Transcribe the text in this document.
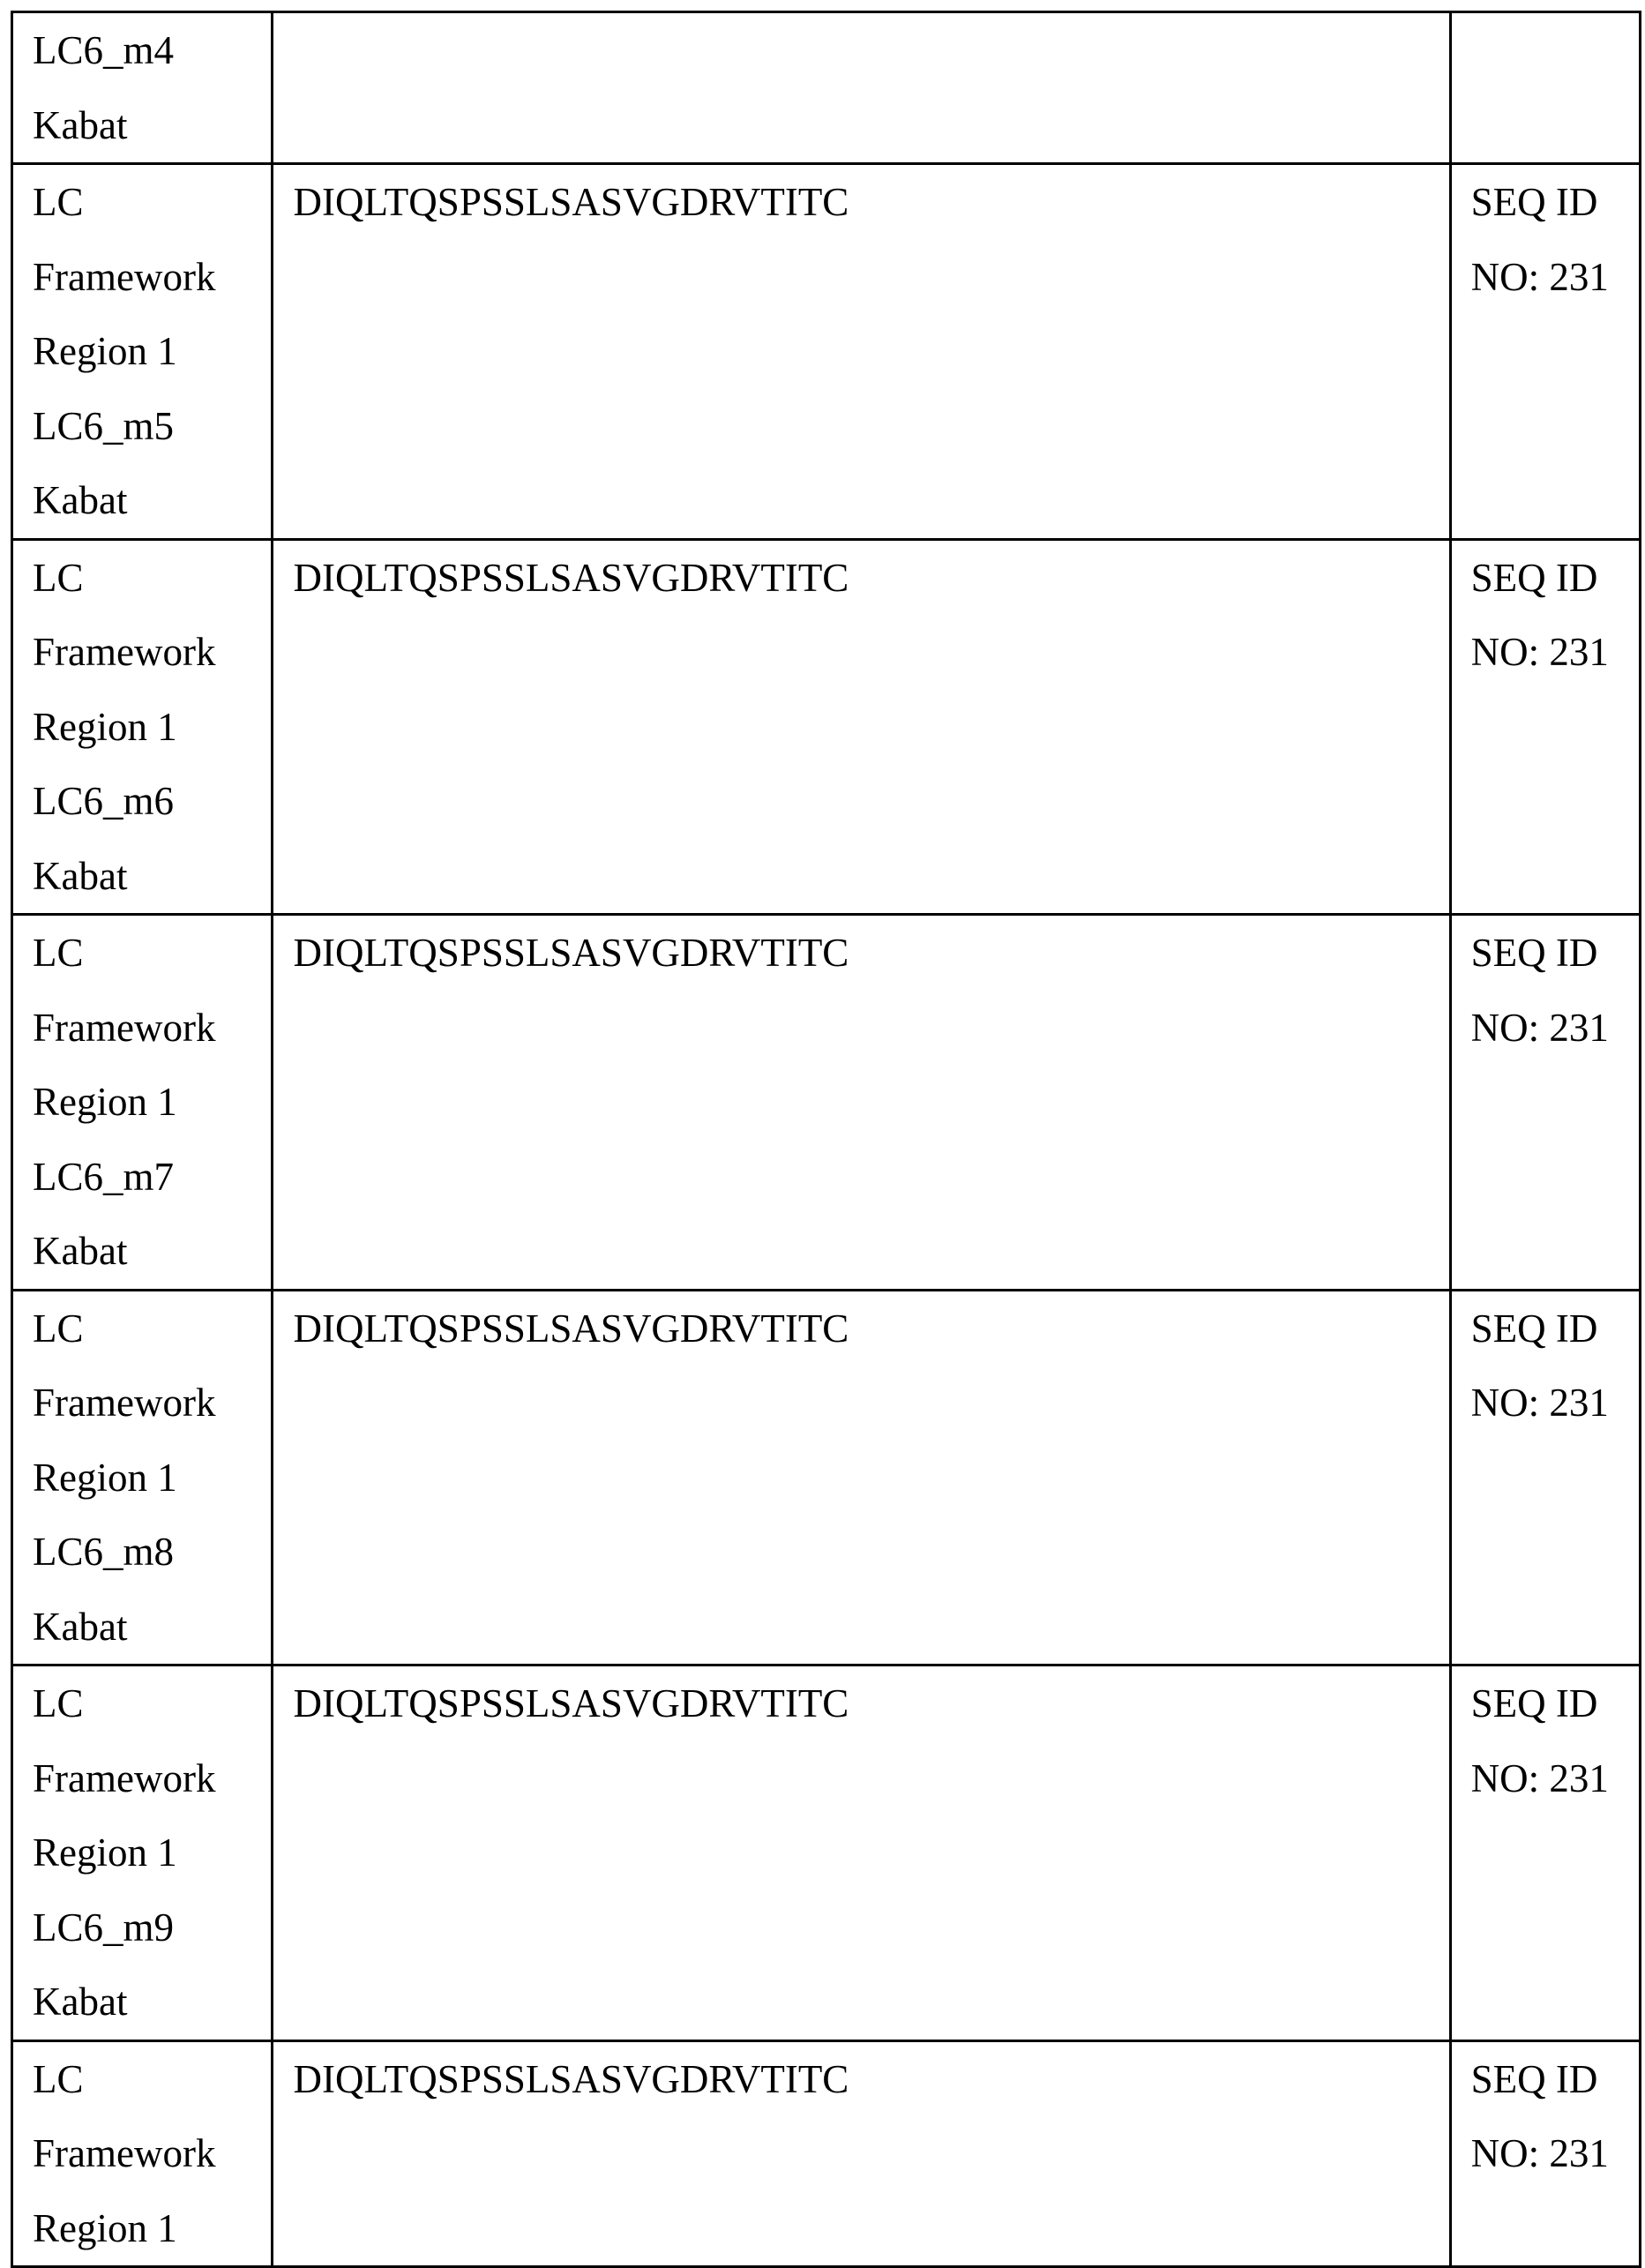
LC6_m4
Kabat

LC
Framework
Region 1
LC6_m5
Kabat

DIQLTQSPSSLSASVGDRVTITC	SEQ ID
NO: 231

LC
Framework
Region 1
LC6_m6
Kabat

DIQLTQSPSSLSASVGDRVTITC	SEQ ID
NO: 231

LC
Framework
Region 1
LC6_m7
Kabat

DIQLTQSPSSLSASVGDRVTITC	SEQ ID
NO: 231

LC
Framework
Region 1
LC6_m8
Kabat

DIQLTQSPSSLSASVGDRVTITC	SEQ ID
NO: 231

LC
Framework
Region 1
LC6_m9
Kabat

DIQLTQSPSSLSASVGDRVTITC	SEQ ID
NO: 231

LC
Framework
Region 1

DIQLTQSPSSLSASVGDRVTITC	SEQ ID
NO: 231
